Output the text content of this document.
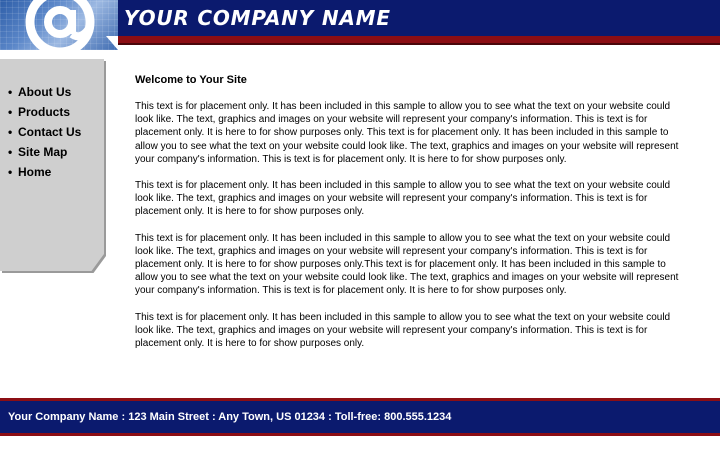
YOUR COMPANY NAME
• About Us
• Products
• Contact Us
• Site Map
• Home
Welcome to Your Site

This text is for placement only. It has been included in this sample to allow you to see what the text on your website could look like. The text, graphics and images on your website will represent your company's information. This is text is for placement only. It is here to for show purposes only. This text is for placement only. It has been included in this sample to allow you to see what the text on your website could look like. The text, graphics and images on your website will represent your company's information. This is text is for placement only. It is here to for show purposes only.

This text is for placement only. It has been included in this sample to allow you to see what the text on your website could look like. The text, graphics and images on your website will represent your company's information. This is text is for placement only. It is here to for show purposes only.

This text is for placement only. It has been included in this sample to allow you to see what the text on your website could look like. The text, graphics and images on your website will represent your company's information. This is text is for placement only. It is here to for show purposes only.This text is for placement only. It has been included in this sample to allow you to see what the text on your website could look like. The text, graphics and images on your website will represent your company's information. This is text is for placement only. It is here to for show purposes only.

This text is for placement only. It has been included in this sample to allow you to see what the text on your website could look like. The text, graphics and images on your website will represent your company's information. This is text is for placement only. It is here to for show purposes only.

Your Company Name : 123 Main Street : Any Town, US 01234 : Toll-free: 800.555.1234
